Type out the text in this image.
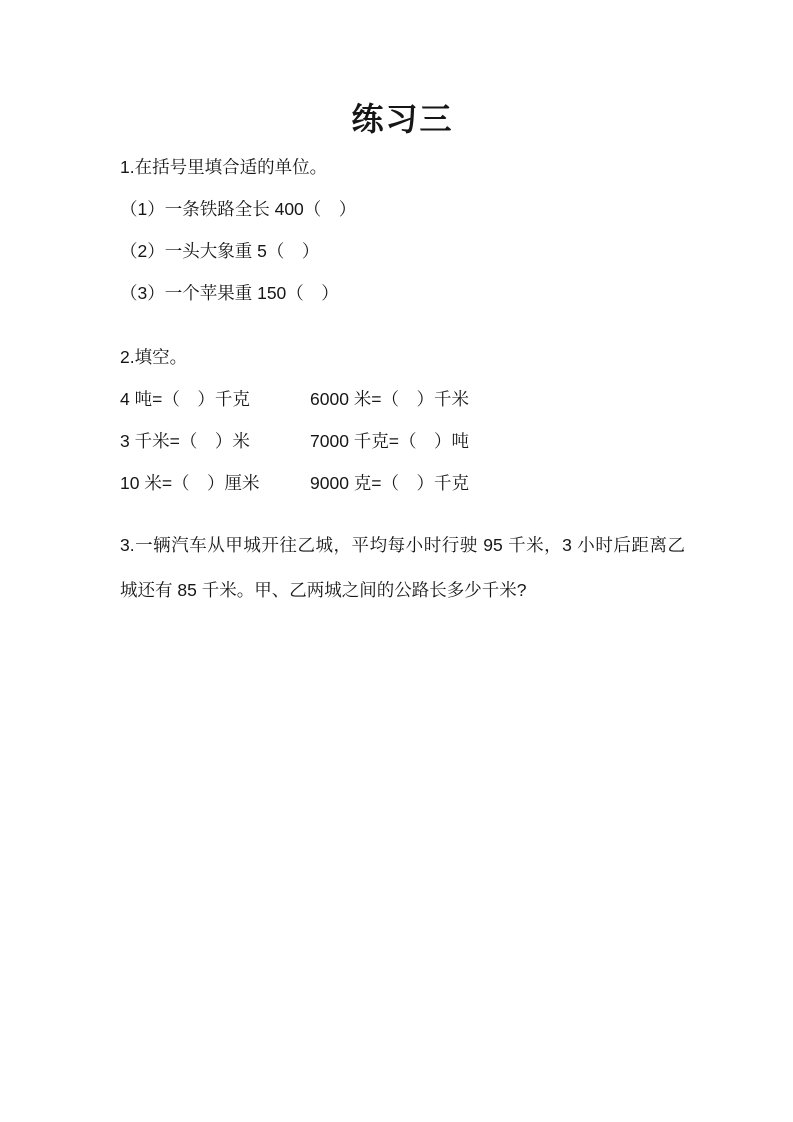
练习三

1.在括号里填合适的单位。

（1）一条铁路全长 400（　）

（2）一头大象重 5（　）

（3）一个苹果重 150（　）

2.填空。

4 吨=（　）千克	6000 米=（　）千米
3 千米=（　）米	7000 千克=（　）吨
10 米=（　）厘米	9000 克=（　）千克

3.一辆汽车从甲城开往乙城，平均每小时行驶 95 千米，3 小时后距离乙城还有 85 千米。甲、乙两城之间的公路长多少千米?
